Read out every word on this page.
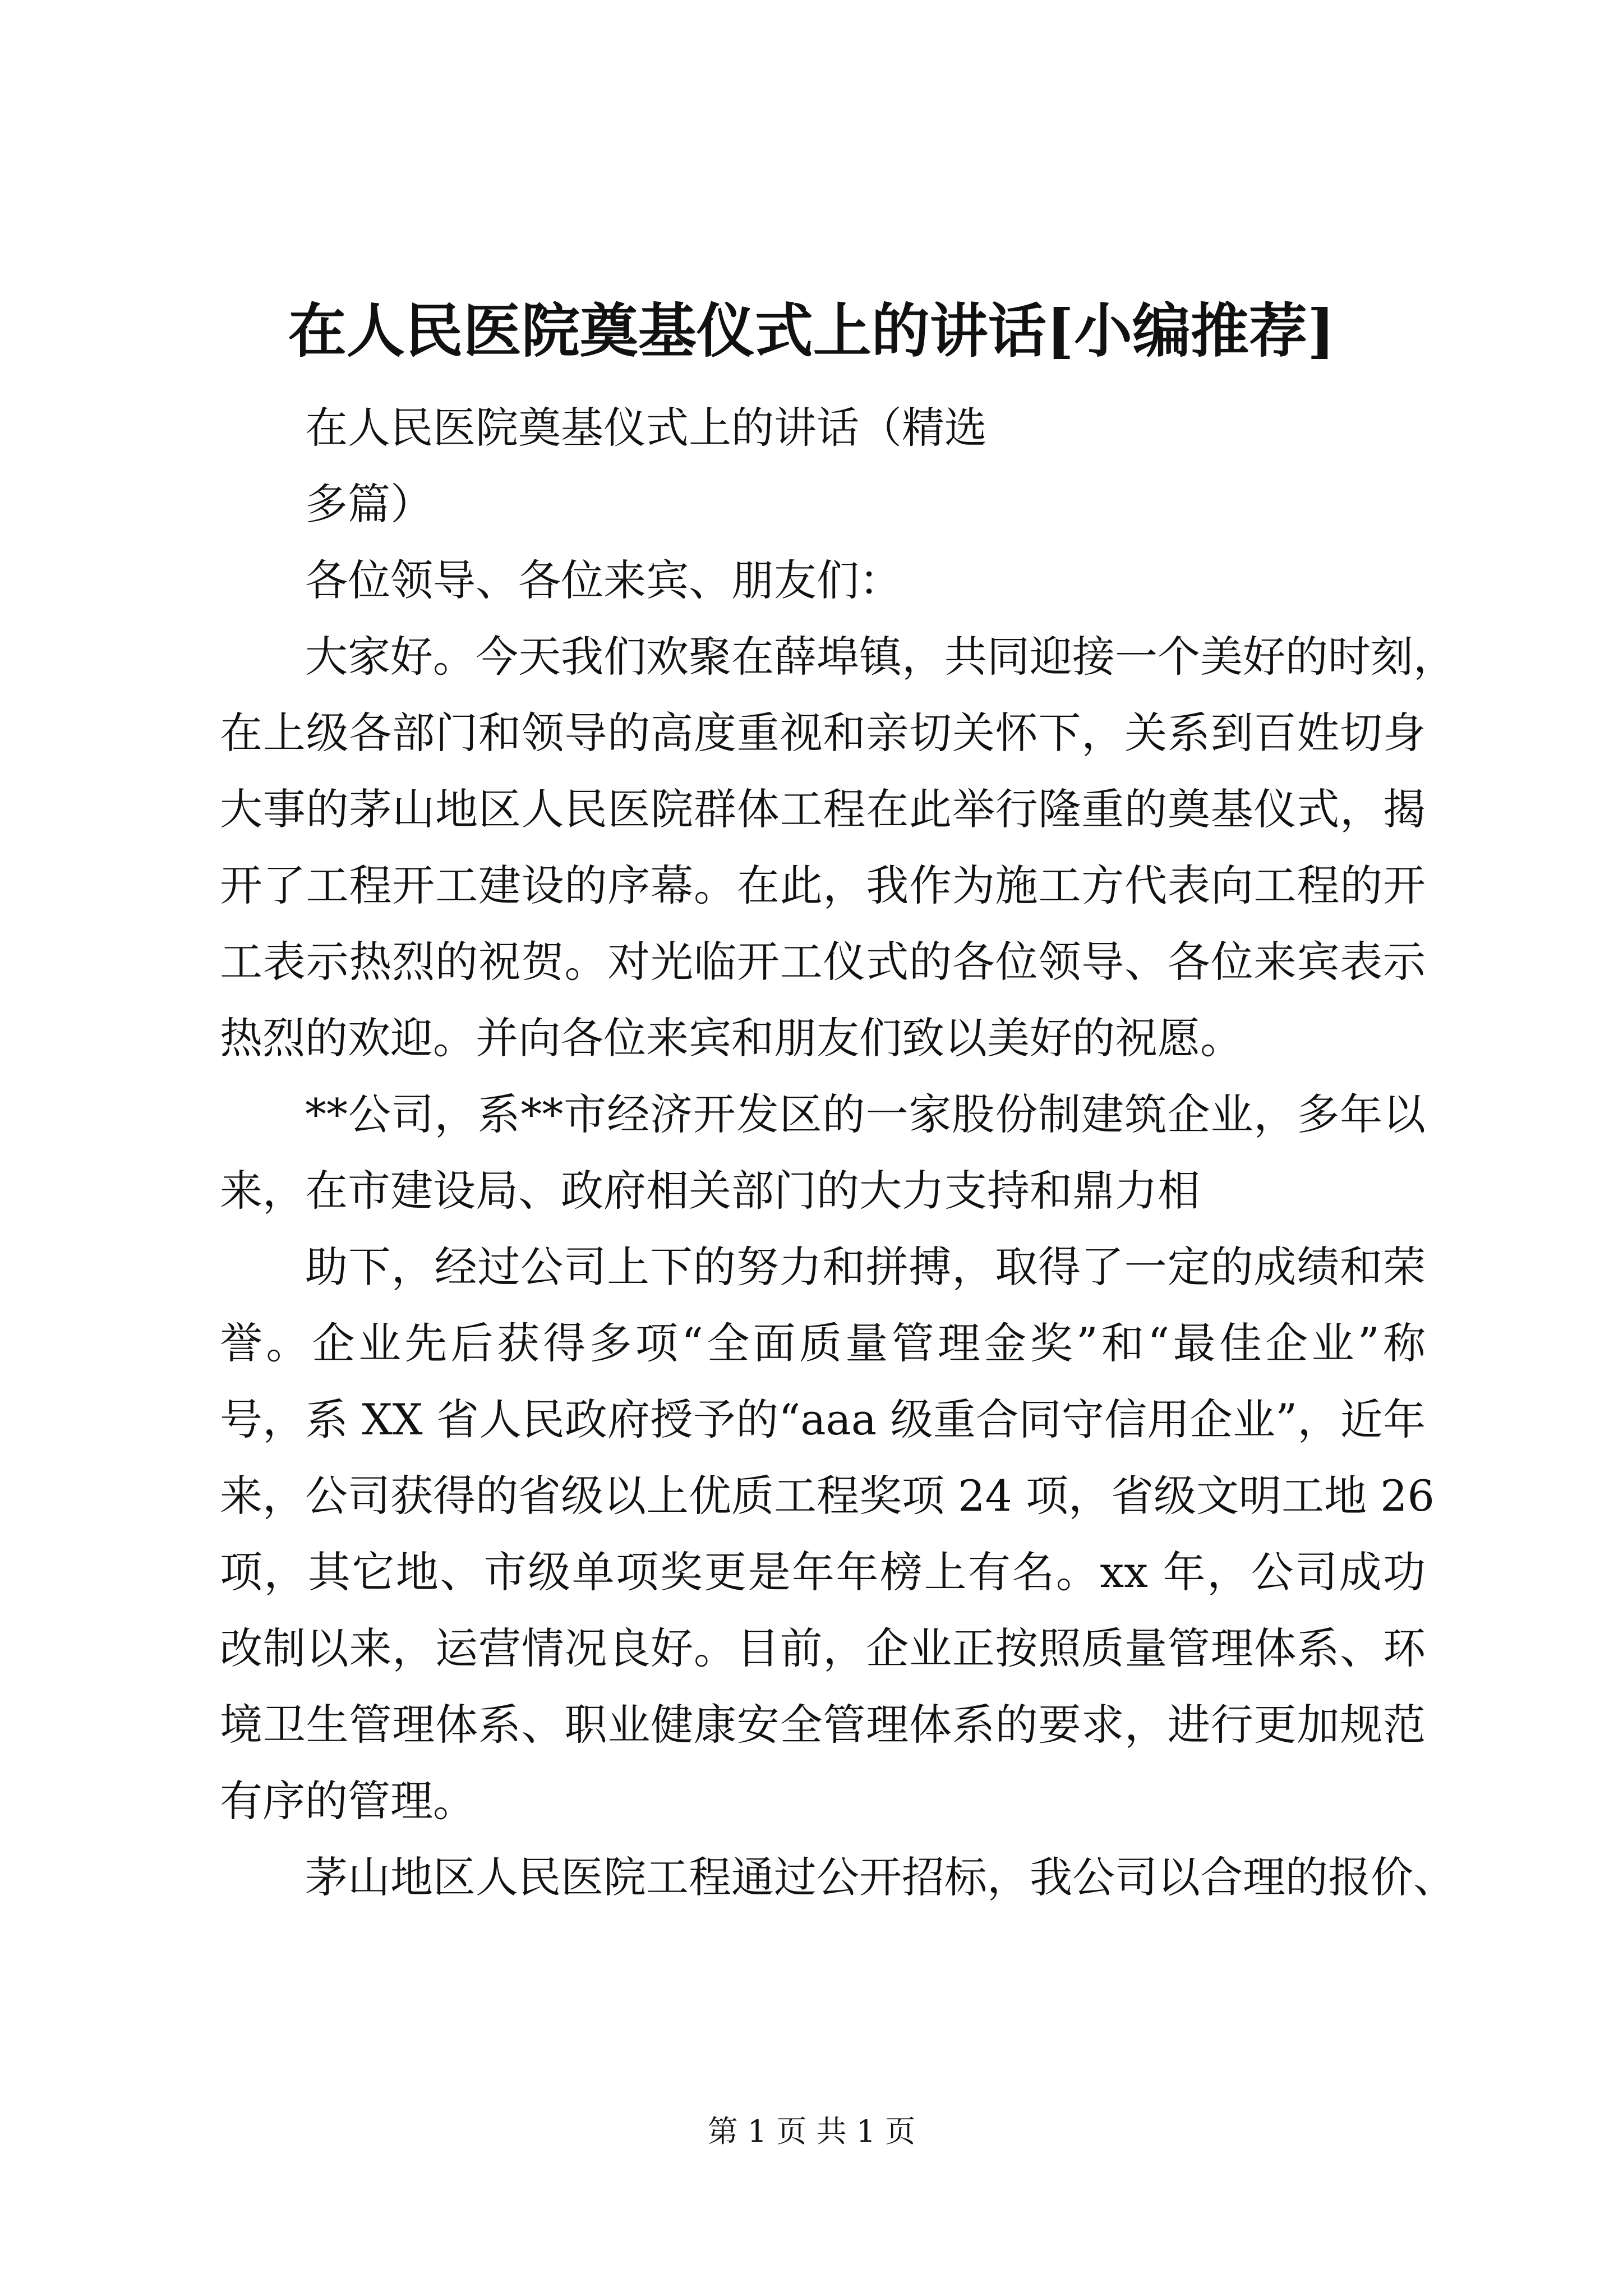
在人民医院奠基仪式上的讲话[小编推荐]
在人民医院奠基仪式上的讲话（精选
多篇）
各位领导、各位来宾、朋友们：
大家好。今天我们欢聚在薛埠镇，共同迎接一个美好的时刻，
在上级各部门和领导的高度重视和亲切关怀下，关系到百姓切身
大事的茅山地区人民医院群体工程在此举行隆重的奠基仪式，揭
开了工程开工建设的序幕。在此，我作为施工方代表向工程的开
工表示热烈的祝贺。对光临开工仪式的各位领导、各位来宾表示
热烈的欢迎。并向各位来宾和朋友们致以美好的祝愿。
**公司，系**市经济开发区的一家股份制建筑企业，多年以
来，在市建设局、政府相关部门的大力支持和鼎力相
助下，经过公司上下的努力和拼搏，取得了一定的成绩和荣
誉。企业先后获得多项“全面质量管理金奖”和“最佳企业”称
号，系 XX 省人民政府授予的“aaa 级重合同守信用企业”，近年
来，公司获得的省级以上优质工程奖项 24 项，省级文明工地 26
项，其它地、市级单项奖更是年年榜上有名。xx 年，公司成功
改制以来，运营情况良好。目前，企业正按照质量管理体系、环
境卫生管理体系、职业健康安全管理体系的要求，进行更加规范
有序的管理。
茅山地区人民医院工程通过公开招标，我公司以合理的报价、
第 1 页 共 1 页
